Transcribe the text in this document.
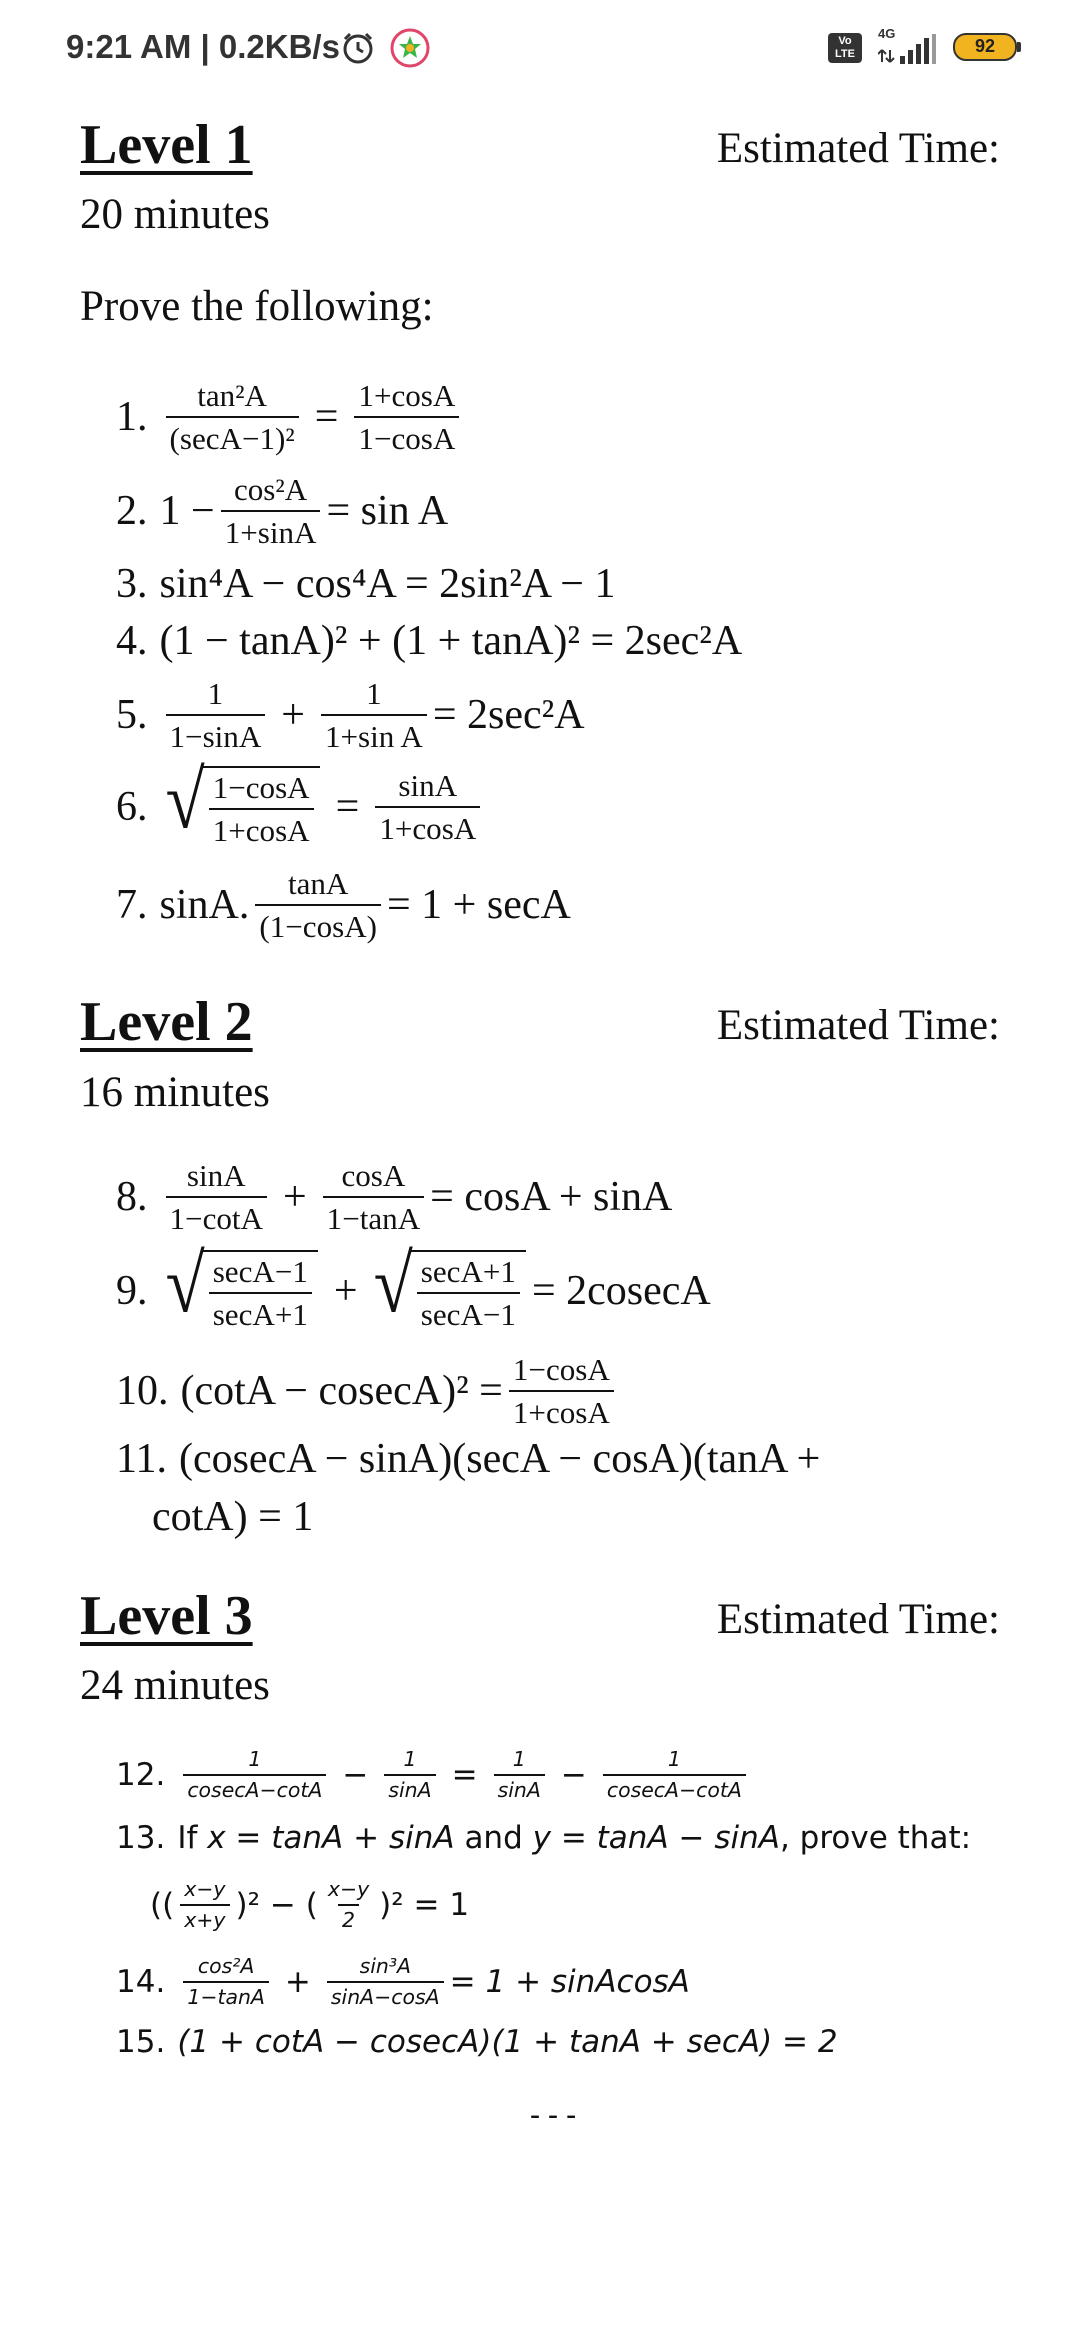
9:21 AM | 0.2KB/s	Vo LTE
4G
92
Level 1	Estimated Time:
20 minutes
Prove the following:
1. $\frac{\text{tan²A}}{\text{(secA−1)²}} = \frac{1+\cos A}{1-\cos A}$
2. $1 - \frac{\text{cos²A}}{1+\sin A} = \sin A$
3. sin⁴A − cos⁴A = 2sin²A − 1
4. (1 − tanA)² + (1 + tanA)² = 2sec²A
5. $\frac{1}{1-\sin A} + \frac{1}{\text{1+sin A}} = 2\sec^2A$
6. √ $\frac{1-\cos A}{1+\cos A} = \frac{\sin A}{1+\cos A}$
7. sinA. $\frac{\tan A}{(1-\cos A)} = 1 + \sec A$
Level 2	Estimated Time:
16 minutes
8. $\frac{\sin A}{1-\cot A} + \frac{\cos A}{1-\tan A} = \cos A + \sin A$
9. √ $\frac{\sec A-1}{\sec A+1}$ + √ $\frac{\sec A+1}{\sec A-1} = 2cosecA$
10. $(\cot A - cosecA)^2 = \frac{1-\cos A}{1+\cos A}$
11. (cosecA − sinA)(secA − cosA)(tanA +
cotA) = 1
Level 3	Estimated Time:
24 minutes
12. $\frac{1}{cosecA-\cot A} - \frac{1}{\sin A} = \frac{1}{\sin A} - \frac{1}{cosecA-\cot A}$
13. If
x = tanA + sinA
and
y = tanA − sinA , prove that:
(( $\frac{x-y}{x+y} )^2$ − ( $\frac{x-y}{2} )^2 = 1$
14. $\frac{\text{cos²A}}{1-\tan A} + \frac{\text{sin³A}}{\sin A-\cos A} = 1$ + sinAcosA
15. (1 + cotA − cosecA)(1 + tanA + secA) = 2
---
